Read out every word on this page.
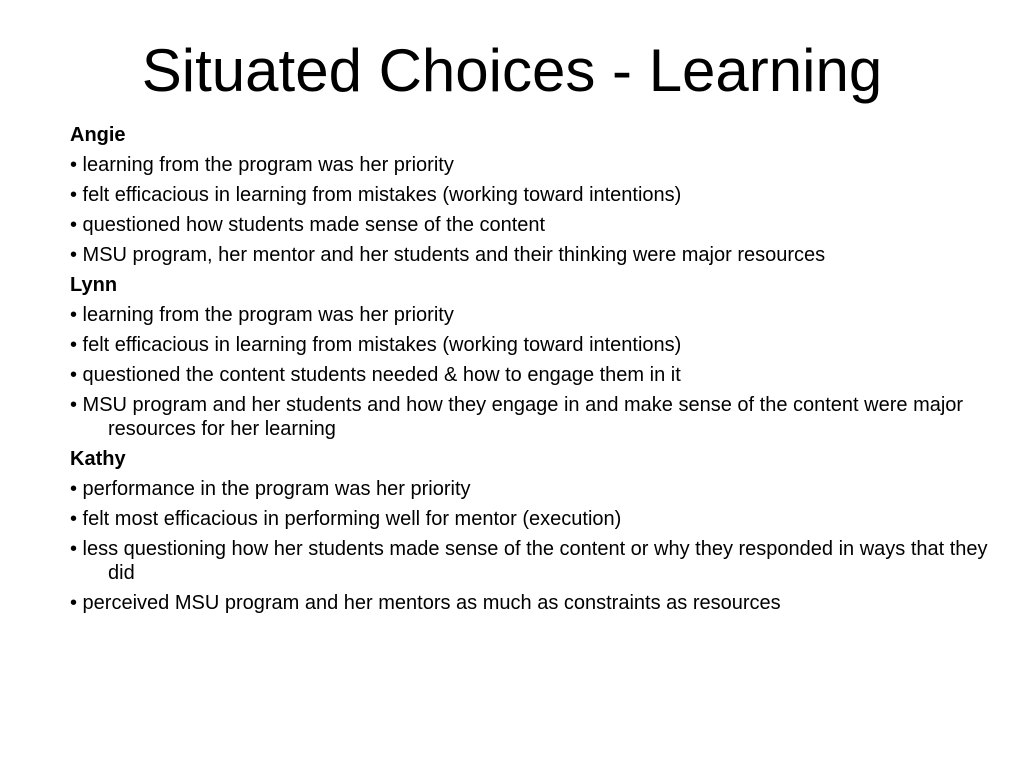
Situated Choices - Learning
Angie
• learning from the program was her priority
• felt efficacious in learning from mistakes (working toward intentions)
• questioned how students made sense of the content
• MSU program, her mentor and her students and their thinking were major resources
Lynn
• learning from the program was her priority
• felt efficacious in learning from mistakes (working toward intentions)
• questioned the content students needed & how to engage them in it
• MSU program and her students and how they engage in and make sense of the content were major resources for her learning
Kathy
• performance in the program was her priority
• felt most efficacious in performing well for mentor (execution)
• less questioning how her students made sense of the content or why they responded in ways that they did
• perceived MSU program and her mentors as much as constraints as resources
